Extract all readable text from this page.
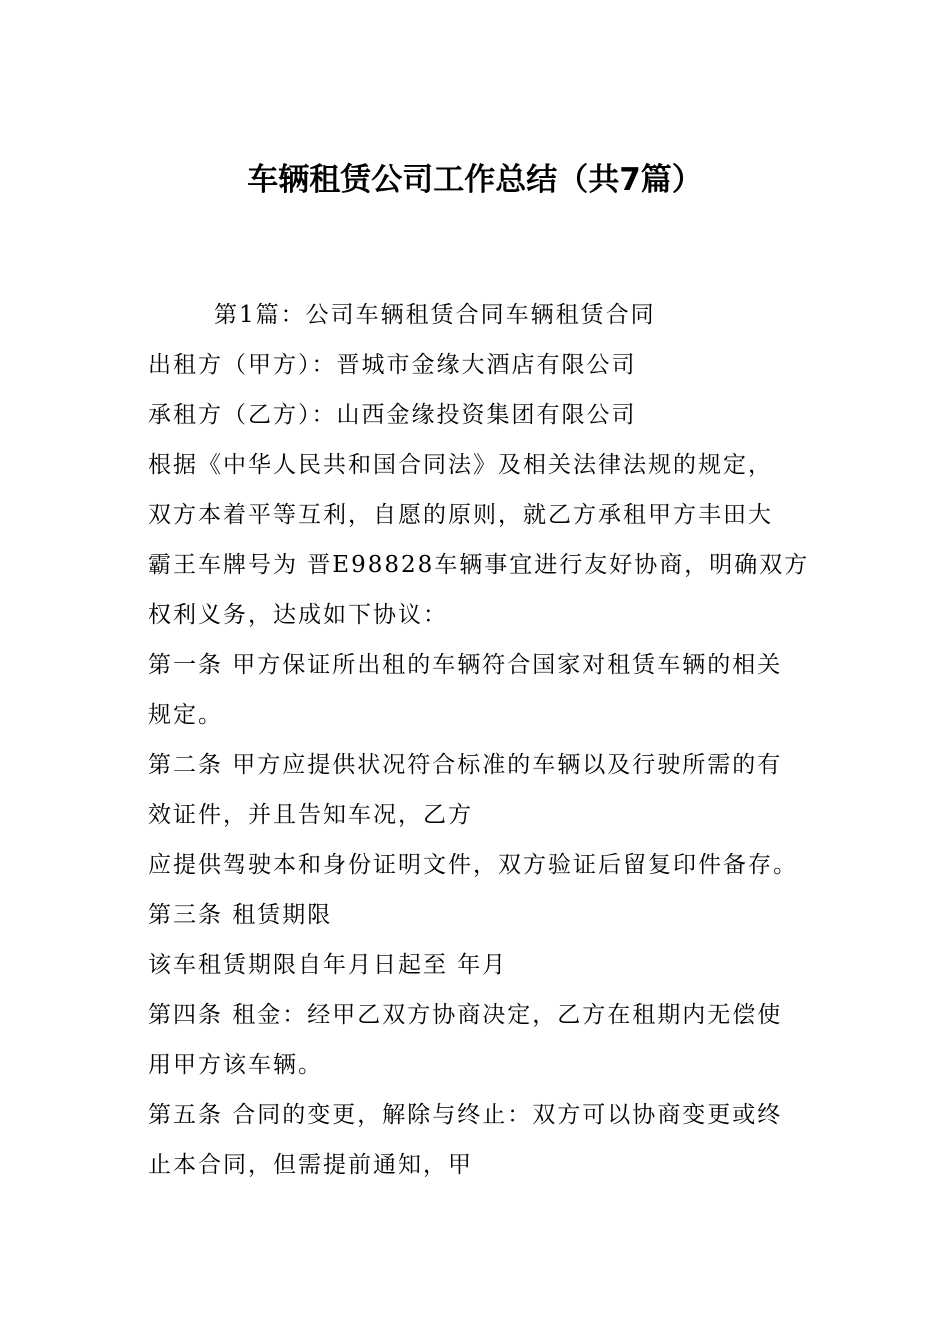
车辆租赁公司工作总结（共7篇）

第1篇：公司车辆租赁合同车辆租赁合同

出租方（甲方）：晋城市金缘大酒店有限公司

承租方（乙方）：山西金缘投资集团有限公司

根据《中华人民共和国合同法》及相关法律法规的规定，

双方本着平等互利，自愿的原则，就乙方承租甲方丰田大

霸王车牌号为 晋E98828车辆事宜进行友好协商，明确双方

权利义务，达成如下协议：

第一条 甲方保证所出租的车辆符合国家对租赁车辆的相关

规定。

第二条 甲方应提供状况符合标准的车辆以及行驶所需的有

效证件，并且告知车况，乙方

应提供驾驶本和身份证明文件，双方验证后留复印件备存。

第三条 租赁期限

该车租赁期限自年月日起至 年月

第四条 租金：经甲乙双方协商决定，乙方在租期内无偿使

用甲方该车辆。

第五条 合同的变更，解除与终止：双方可以协商变更或终

止本合同，但需提前通知，甲
